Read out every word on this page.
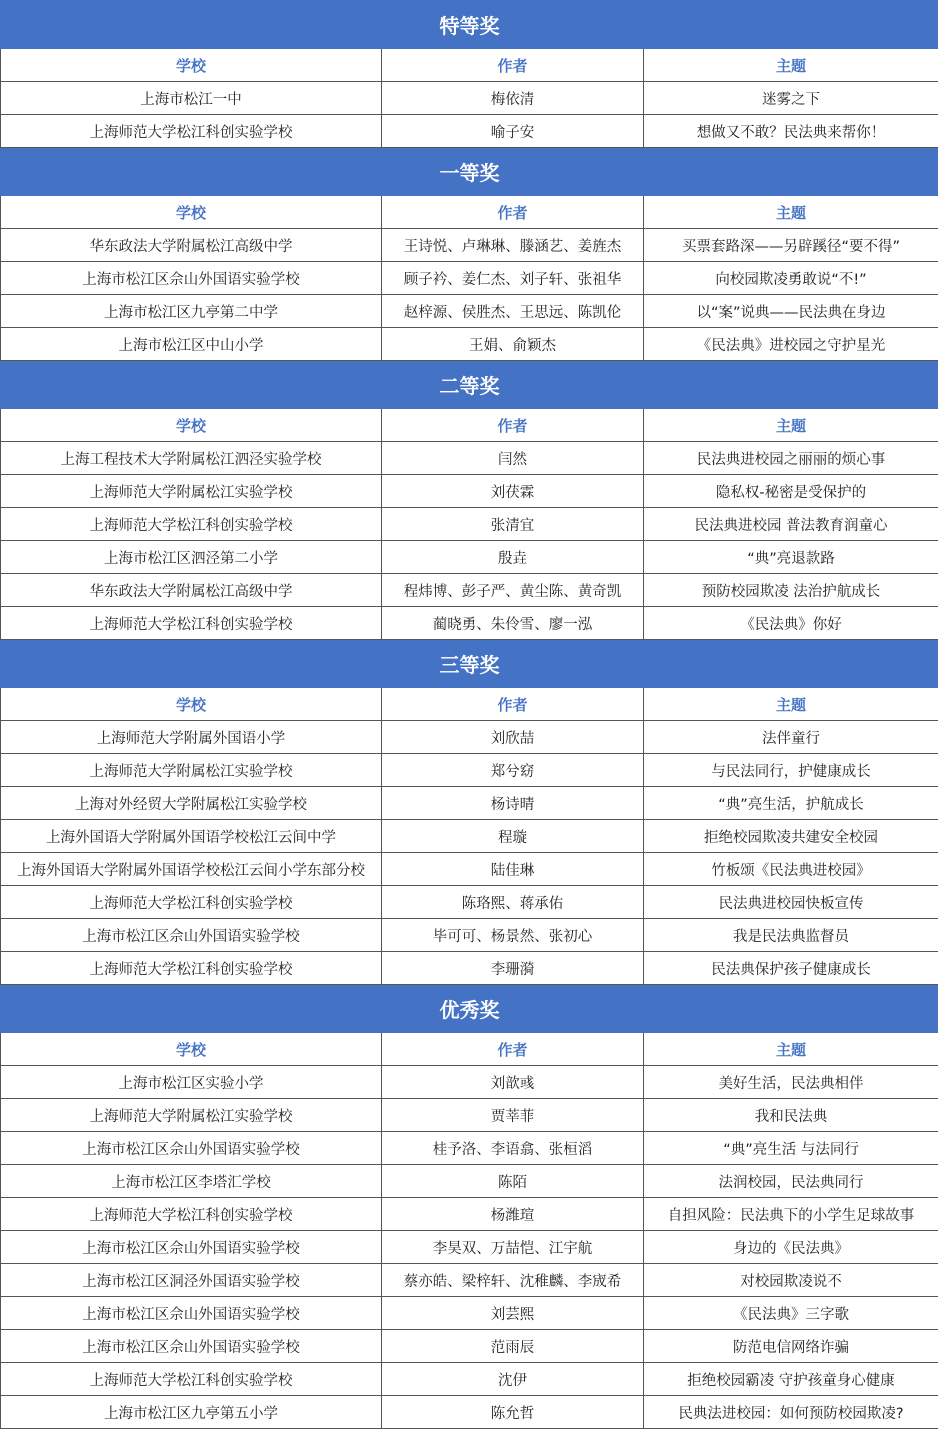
特等奖		
学校	作者	主题
上海市松江一中	梅依清	迷雾之下
上海师范大学松江科创实验学校	喻子安	想做又不敢？民法典来帮你！
一等奖		
学校	作者	主题
华东政法大学附属松江高级中学	王诗悦、卢琳琳、滕涵艺、姜旌杰	买票套路深——另辟蹊径“要不得”
上海市松江区佘山外国语实验学校	顾子衿、姜仁杰、刘子轩、张祖华	向校园欺凌勇敢说“不!”
上海市松江区九亭第二中学	赵梓源、侯胜杰、王思远、陈凯伦	以“案”说典——民法典在身边
上海市松江区中山小学	王娟、俞颖杰	《民法典》进校园之守护星光
二等奖		
学校	作者	主题
上海工程技术大学附属松江泗泾实验学校	闫然	民法典进校园之丽丽的烦心事
上海师范大学附属松江实验学校	刘茯霖	隐私权-秘密是受保护的
上海师范大学松江科创实验学校	张清宜	民法典进校园 普法教育润童心
上海市松江区泗泾第二小学	殷垚	“典”亮退款路
华东政法大学附属松江高级中学	程炜博、彭子严、黄尘陈、黄奇凯	预防校园欺凌 法治护航成长
上海师范大学松江科创实验学校	蔺晓勇、朱伶雪、廖一泓	《民法典》你好
三等奖		
学校	作者	主题
上海师范大学附属外国语小学	刘欣喆	法伴童行
上海师范大学附属松江实验学校	郑兮窈	与民法同行，护健康成长
上海对外经贸大学附属松江实验学校	杨诗晴	“典”亮生活，护航成长
上海外国语大学附属外国语学校松江云间中学	程璇	拒绝校园欺凌共建安全校园
上海外国语大学附属外国语学校松江云间小学东部分校	陆佳琳	竹板颂《民法典进校园》
上海师范大学松江科创实验学校	陈珞熙、蒋承佑	民法典进校园快板宣传
上海市松江区佘山外国语实验学校	毕可可、杨景然、张初心	我是民法典监督员
上海师范大学松江科创实验学校	李珊漪	民法典保护孩子健康成长
优秀奖		
学校	作者	主题
上海市松江区实验小学	刘歆彧	美好生活，民法典相伴
上海师范大学附属松江实验学校	贾莘菲	我和民法典
上海市松江区佘山外国语实验学校	桂予洛、李语翕、张桓滔	“典”亮生活 与法同行
上海市松江区李塔汇学校	陈陌	法润校园，民法典同行
上海师范大学松江科创实验学校	杨潍瑄	自担风险：民法典下的小学生足球故事
上海市松江区佘山外国语实验学校	李昊双、万喆恺、江宇航	身边的《民法典》
上海市松江区洞泾外国语实验学校	蔡亦皓、梁梓轩、沈稚麟、李宬希	对校园欺凌说不
上海市松江区佘山外国语实验学校	刘芸熙	《民法典》三字歌
上海市松江区佘山外国语实验学校	范雨辰	防范电信网络诈骗
上海师范大学松江科创实验学校	沈伊	拒绝校园霸凌 守护孩童身心健康
上海市松江区九亭第五小学	陈允哲	民典法进校园：如何预防校园欺凌?
